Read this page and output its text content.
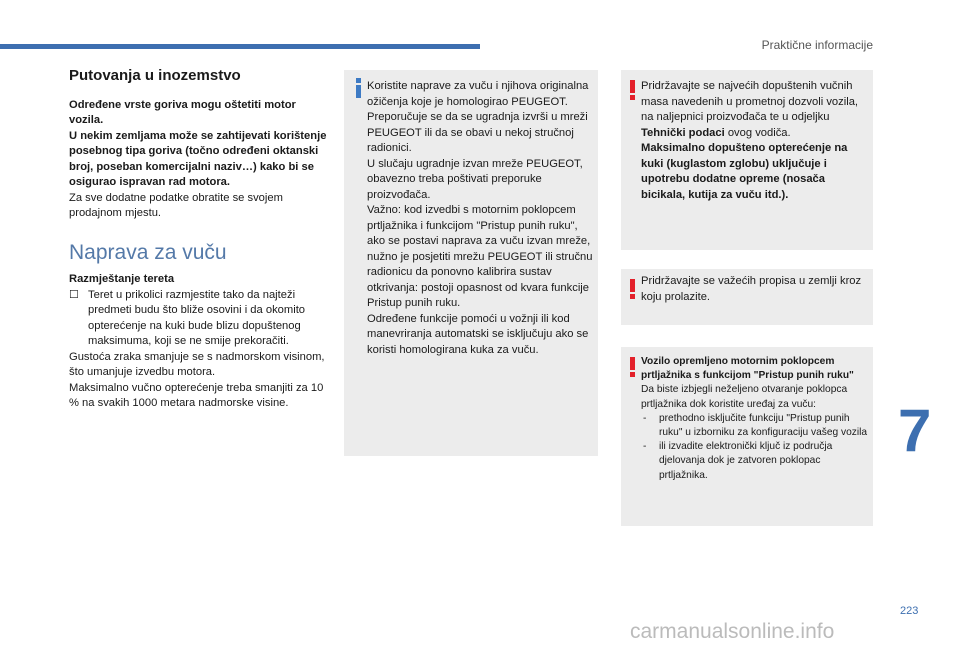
Praktične informacije
Putovanja u inozemstvo

Određene vrste goriva mogu oštetiti motor vozila.

U nekim zemljama može se zahtijevati korištenje posebnog tipa goriva (točno određeni oktanski broj, poseban komercijalni naziv…) kako bi se osigurao ispravan rad motora.

Za sve dodatne podatke obratite se svojem prodajnom mjestu.

Naprava za vuču

Razmještanje tereta

☐ Teret u prikolici razmjestite tako da najteži predmeti budu što bliže osovini i da okomito opterećenje na kuki bude blizu dopuštenog maksimuma, koji se ne smije prekoračiti.

Gustoća zraka smanjuje se s nadmorskom visinom, što umanjuje izvedbu motora.

Maksimalno vučno opterećenje treba smanjiti za 10 % na svakih 1000 metara nadmorske visine.

Koristite naprave za vuču i njihova originalna ožičenja koje je homologirao PEUGEOT. Preporučuje se da se ugradnja izvrši u mreži PEUGEOT ili da se obavi u nekoj stručnoj radionici.

U slučaju ugradnje izvan mreže PEUGEOT, obavezno treba poštivati preporuke proizvođača.

Važno: kod izvedbi s motornim poklopcem prtljažnika i funkcijom "Pristup punih ruku", ako se postavi naprava za vuču izvan mreže, nužno je posjetiti mrežu PEUGEOT ili stručnu radionicu da ponovno kalibrira sustav otkrivanja: postoji opasnost od kvara funkcije Pristup punih ruku.

Određene funkcije pomoći u vožnji ili kod manevriranja automatski se isključuju ako se koristi homologirana kuka za vuču.

Pridržavajte se najvećih dopuštenih vučnih masa navedenih u prometnoj dozvoli vozila, na naljepnici proizvođača te u odjeljku Tehnički podaci ovog vodiča.

Maksimalno dopušteno opterećenje na kuki (kuglastom zglobu) uključuje i upotrebu dodatne opreme (nosača bicikala, kutija za vuču itd.).

Pridržavajte se važećih propisa u zemlji kroz koju prolazite.

Vozilo opremljeno motornim poklopcem prtljažnika s funkcijom "Pristup punih ruku"

Da biste izbjegli neželjeno otvaranje poklopca prtljažnika dok koristite uređaj za vuču:

- prethodno isključite funkciju "Pristup punih ruku" u izborniku za konfiguraciju vašeg vozila
- ili izvadite elektronički ključ iz područja djelovanja dok je zatvoren poklopac prtljažnika.
7
223
carmanualsonline.info
